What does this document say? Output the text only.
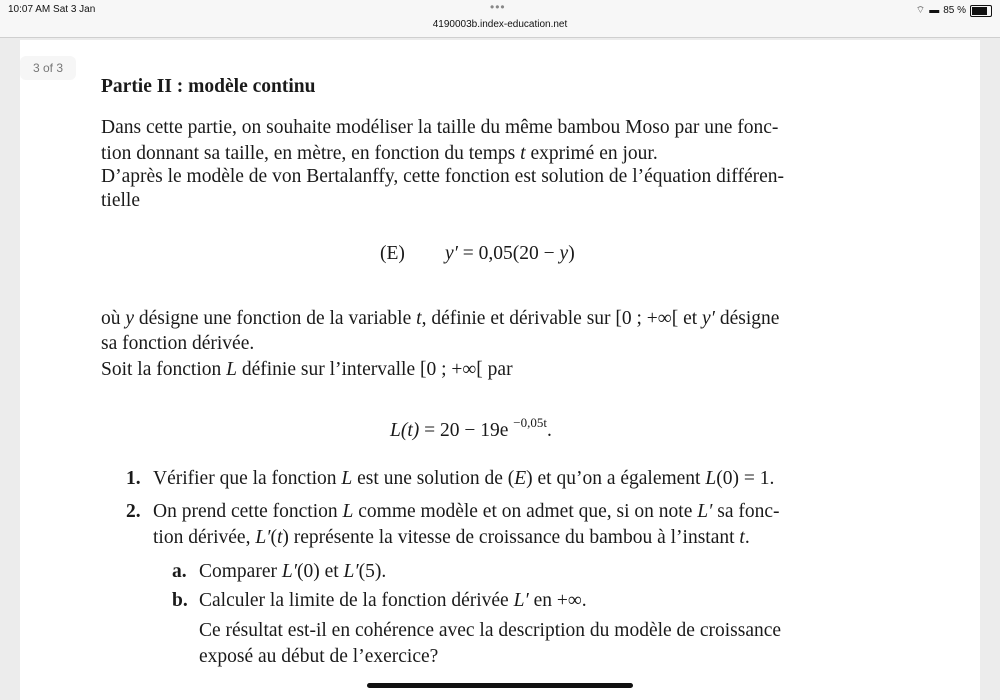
10:07 AM Sat 3 Jan	•••
4190003b.index-education.net
⌔ ▬ 85 %
3 of 3
Partie II : modèle continu
Dans cette partie, on souhaite modéliser la taille du même bambou Moso par une fonc-
tion donnant sa taille, en mètre, en fonction du temps t exprimé en jour.
D’après le modèle de von Bertalanffy, cette fonction est solution de l’équation différen-
tielle
(E) y′ = 0,05(20 − y)
où y désigne une fonction de la variable t, définie et dérivable sur [0 ; +∞[ et y′ désigne
sa fonction dérivée.
Soit la fonction L définie sur l’intervalle [0 ; +∞[ par
L(t) = 20 − 19e $^{-0,05t}$.
1. Vérifier que la fonction L est une solution de (E) et qu’on a également L(0) = 1.
2. On prend cette fonction L comme modèle et on admet que, si on note L′ sa fonc-
tion dérivée, L′(t) représente la vitesse de croissance du bambou à l’instant t.
a. Comparer L′(0) et L′(5).
b. Calculer la limite de la fonction dérivée L′ en +∞.
Ce résultat est-il en cohérence avec la description du modèle de croissance
exposé au début de l’exercice?
